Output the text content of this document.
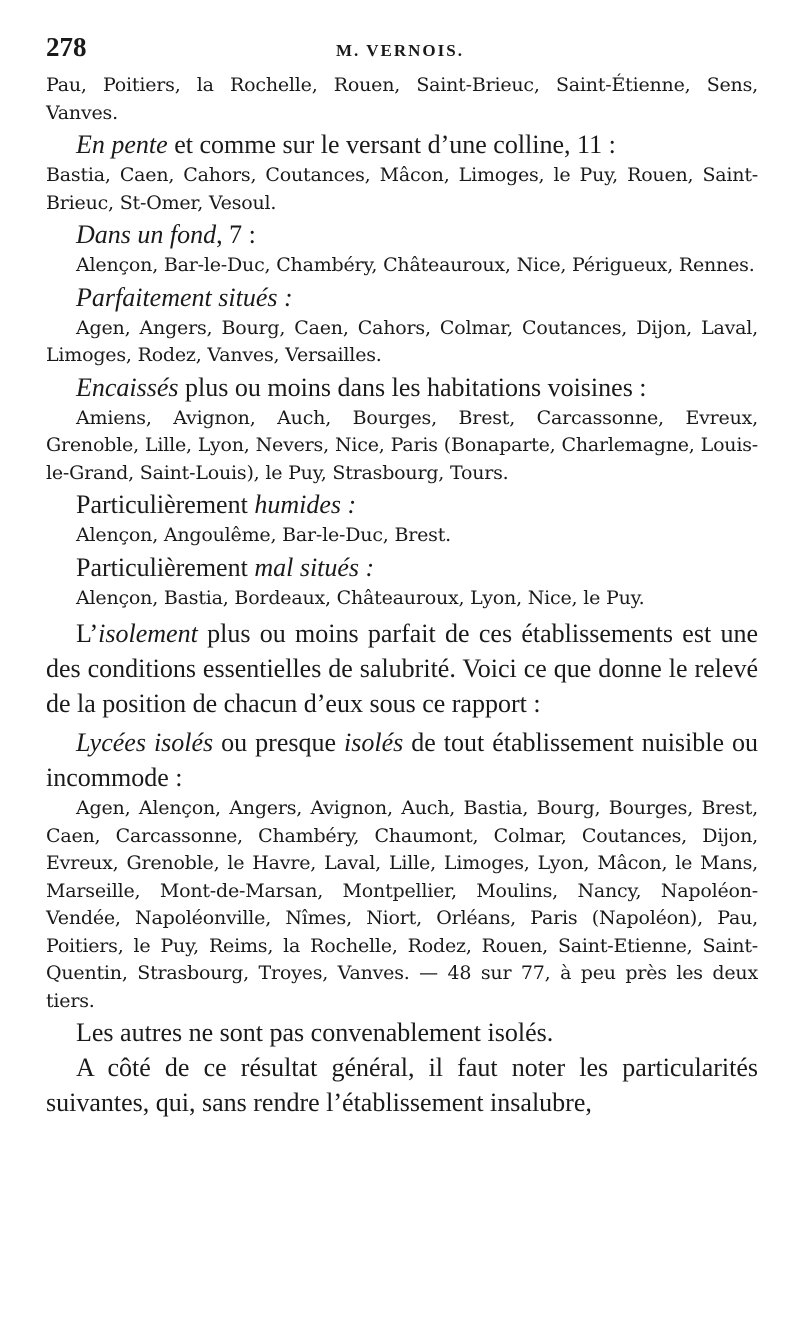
278	M. VERNOIS.

Pau, Poitiers, la Rochelle, Rouen, Saint-Brieuc, Saint-Étienne, Sens, Vanves.

En pente et comme sur le versant d’une colline, 11 :

Bastia, Caen, Cahors, Coutances, Mâcon, Limoges, le Puy, Rouen, Saint-Brieuc, St-Omer, Vesoul.

Dans un fond, 7 :

Alençon, Bar-le-Duc, Chambéry, Châteauroux, Nice, Périgueux, Rennes.

Parfaitement situés :

Agen, Angers, Bourg, Caen, Cahors, Colmar, Coutances, Dijon, Laval, Limoges, Rodez, Vanves, Versailles.

Encaissés plus ou moins dans les habitations voisines :

Amiens, Avignon, Auch, Bourges, Brest, Carcassonne, Evreux, Grenoble, Lille, Lyon, Nevers, Nice, Paris (Bonaparte, Charlemagne, Louis-le-Grand, Saint-Louis), le Puy, Strasbourg, Tours.

Particulièrement humides :

Alençon, Angoulême, Bar-le-Duc, Brest.

Particulièrement mal situés :

Alençon, Bastia, Bordeaux, Châteauroux, Lyon, Nice, le Puy.

L’isolement plus ou moins parfait de ces établissements est une des conditions essentielles de salubrité. Voici ce que donne le relevé de la position de chacun d’eux sous ce rapport :

Lycées isolés ou presque isolés de tout établissement nuisible ou incommode :

Agen, Alençon, Angers, Avignon, Auch, Bastia, Bourg, Bourges, Brest, Caen, Carcassonne, Chambéry, Chaumont, Colmar, Coutances, Dijon, Evreux, Grenoble, le Havre, Laval, Lille, Limoges, Lyon, Mâcon, le Mans, Marseille, Mont-de-Marsan, Montpellier, Moulins, Nancy, Napoléon-Vendée, Napoléonville, Nîmes, Niort, Orléans, Paris (Napoléon), Pau, Poitiers, le Puy, Reims, la Rochelle, Rodez, Rouen, Saint-Etienne, Saint-Quentin, Strasbourg, Troyes, Vanves. — 48 sur 77, à peu près les deux tiers.

Les autres ne sont pas convenablement isolés.

A côté de ce résultat général, il faut noter les particularités suivantes, qui, sans rendre l’établissement insalubre,
